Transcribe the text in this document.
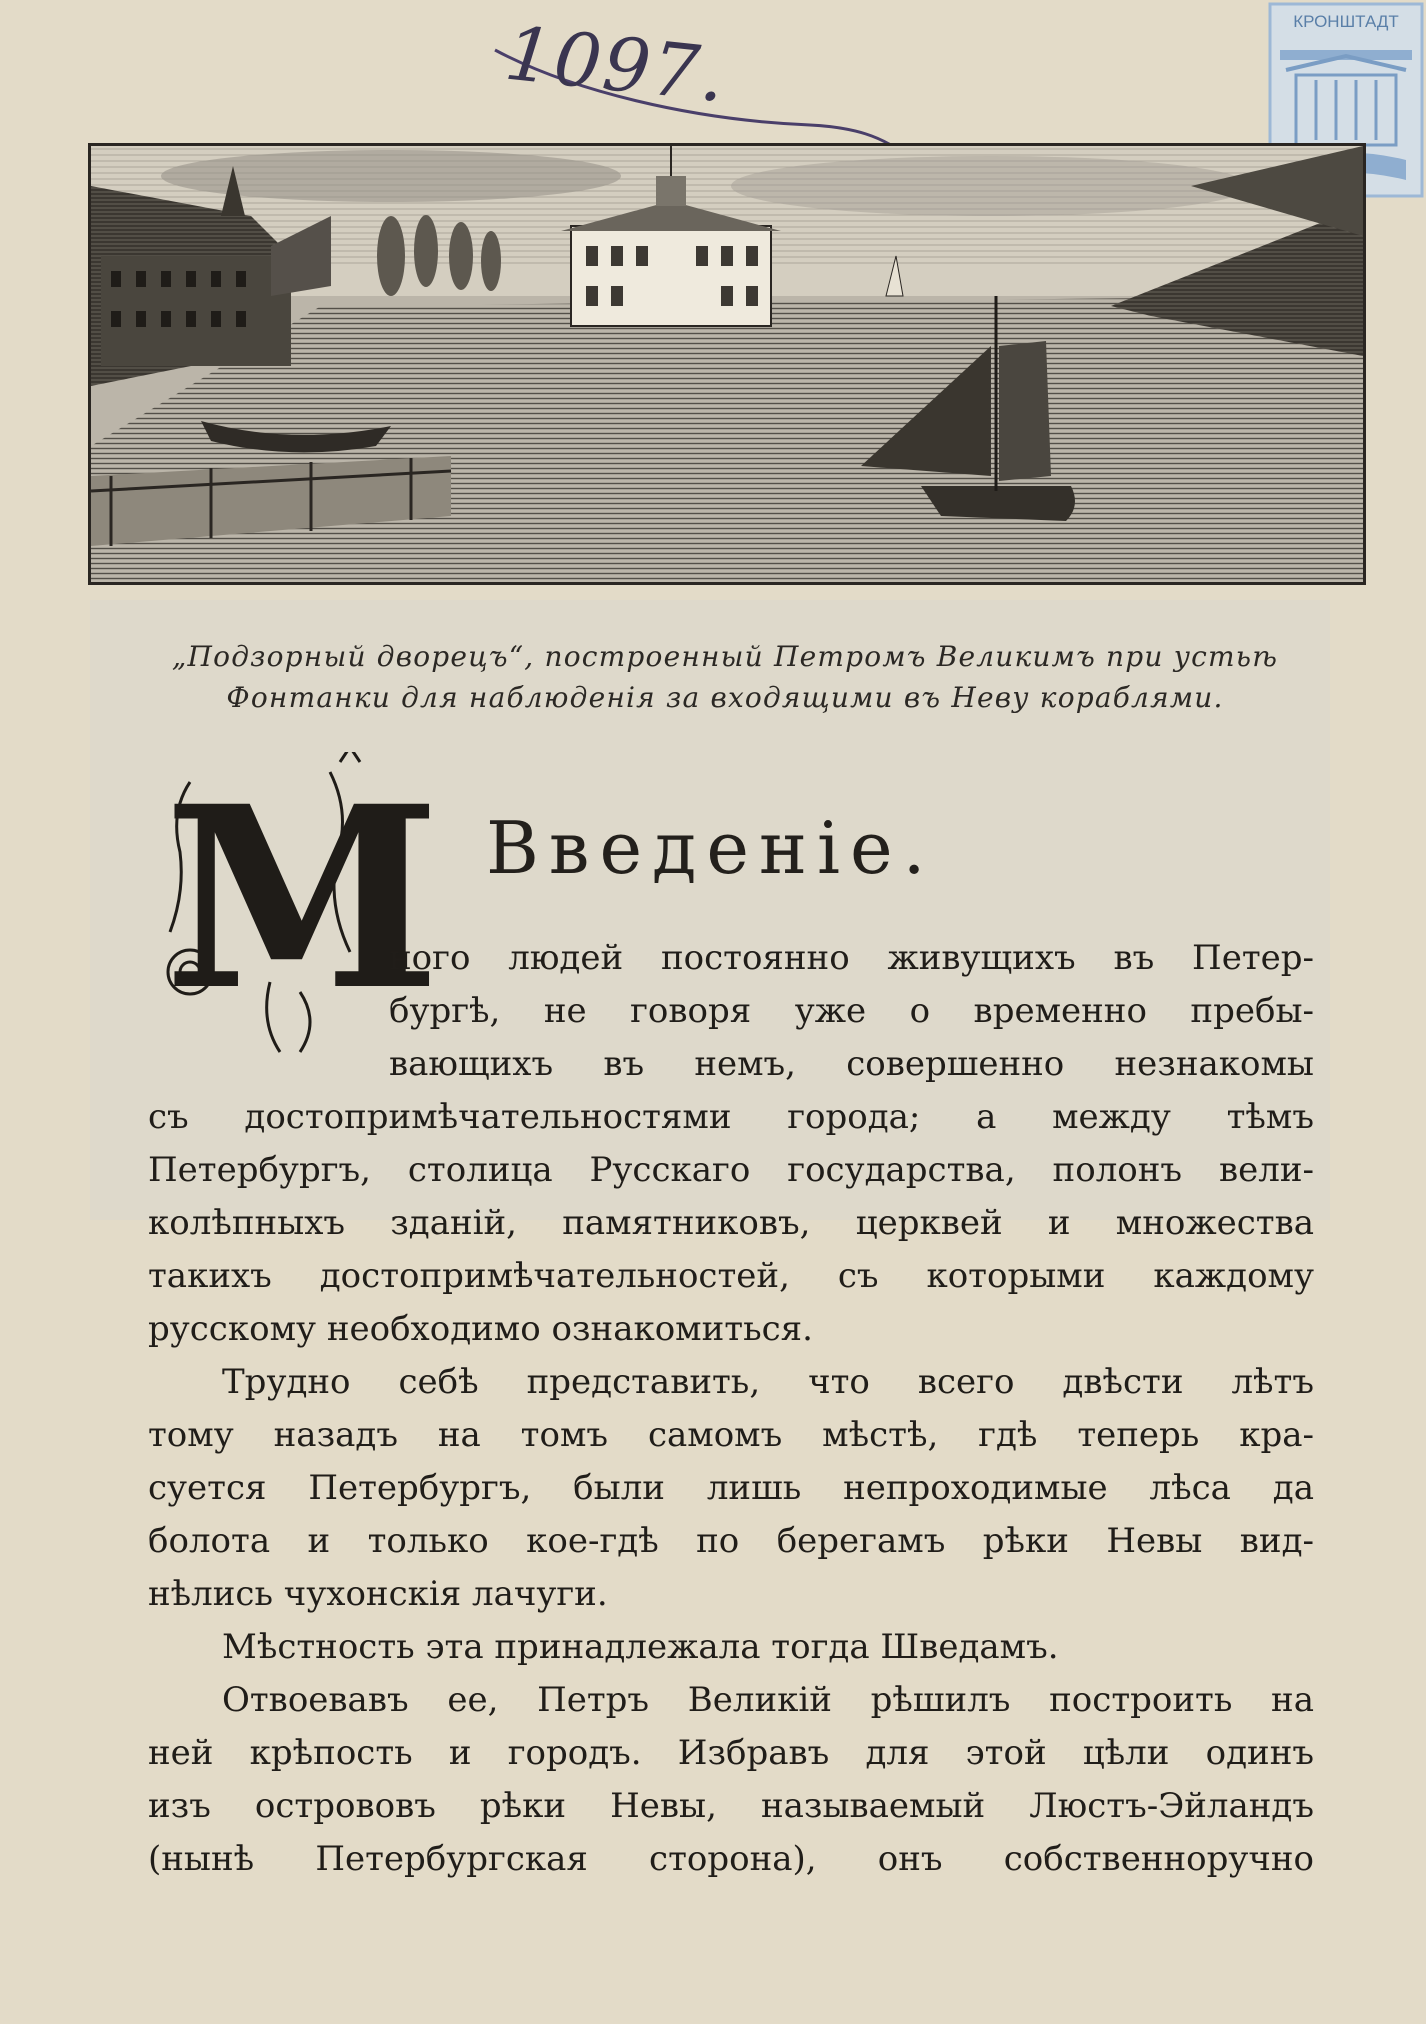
1097.	КРОНШТАДТ
„Подзорный дворецъ“, построенный Петромъ Великимъ при устьѣ
Фонтанки для наблюденія за входящими въ Неву кораблями.
М Введеніе.
ного людей постоянно живущихъ въ Петер-
бургѣ, не говоря уже о временно пребы-
вающихъ въ немъ, совершенно незнакомы
съ достопримѣчательностями города; а между тѣмъ
Петербургъ, столица Русскаго государства, полонъ вели-
колѣпныхъ зданій, памятниковъ, церквей и множества
такихъ достопримѣчательностей, съ которыми каждому
русскому необходимо ознакомиться.
Трудно себѣ представить, что всего двѣсти лѣтъ
тому назадъ на томъ самомъ мѣстѣ, гдѣ теперь кра-
суется Петербургъ, были лишь непроходимые лѣса да
болота и только кое-гдѣ по берегамъ рѣки Невы вид-
нѣлись чухонскія лачуги.
Мѣстность эта принадлежала тогда Шведамъ.
Отвоевавъ ее, Петръ Великій рѣшилъ построить на
ней крѣпость и городъ. Избравъ для этой цѣли одинъ
изъ острововъ рѣки Невы, называемый Люстъ-Эйландъ
(нынѣ Петербургская сторона), онъ собственноручно
